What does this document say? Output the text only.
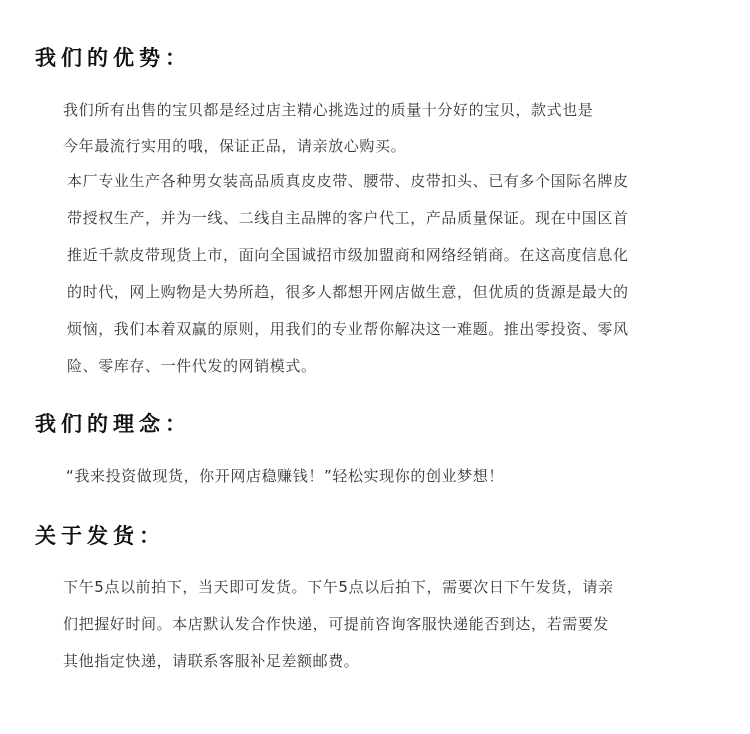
我们的优势：
我们所有出售的宝贝都是经过店主精心挑选过的质量十分好的宝贝，款式也是
今年最流行实用的哦，保证正品，请亲放心购买。
本厂专业生产各种男女装高品质真皮皮带、腰带、皮带扣头、已有多个国际名牌皮
带授权生产，并为一线、二线自主品牌的客户代工，产品质量保证。现在中国区首
推近千款皮带现货上市，面向全国诚招市级加盟商和网络经销商。在这高度信息化
的时代，网上购物是大势所趋，很多人都想开网店做生意，但优质的货源是最大的
烦恼，我们本着双赢的原则，用我们的专业帮你解决这一难题。推出零投资、零风
险、零库存、一件代发的网销模式。
我们的理念：
“我来投资做现货，你开网店稳赚钱！”轻松实现你的创业梦想！
关于发货：
下午5点以前拍下，当天即可发货。下午5点以后拍下，需要次日下午发货，请亲
们把握好时间。本店默认发合作快递，可提前咨询客服快递能否到达，若需要发
其他指定快递，请联系客服补足差额邮费。
